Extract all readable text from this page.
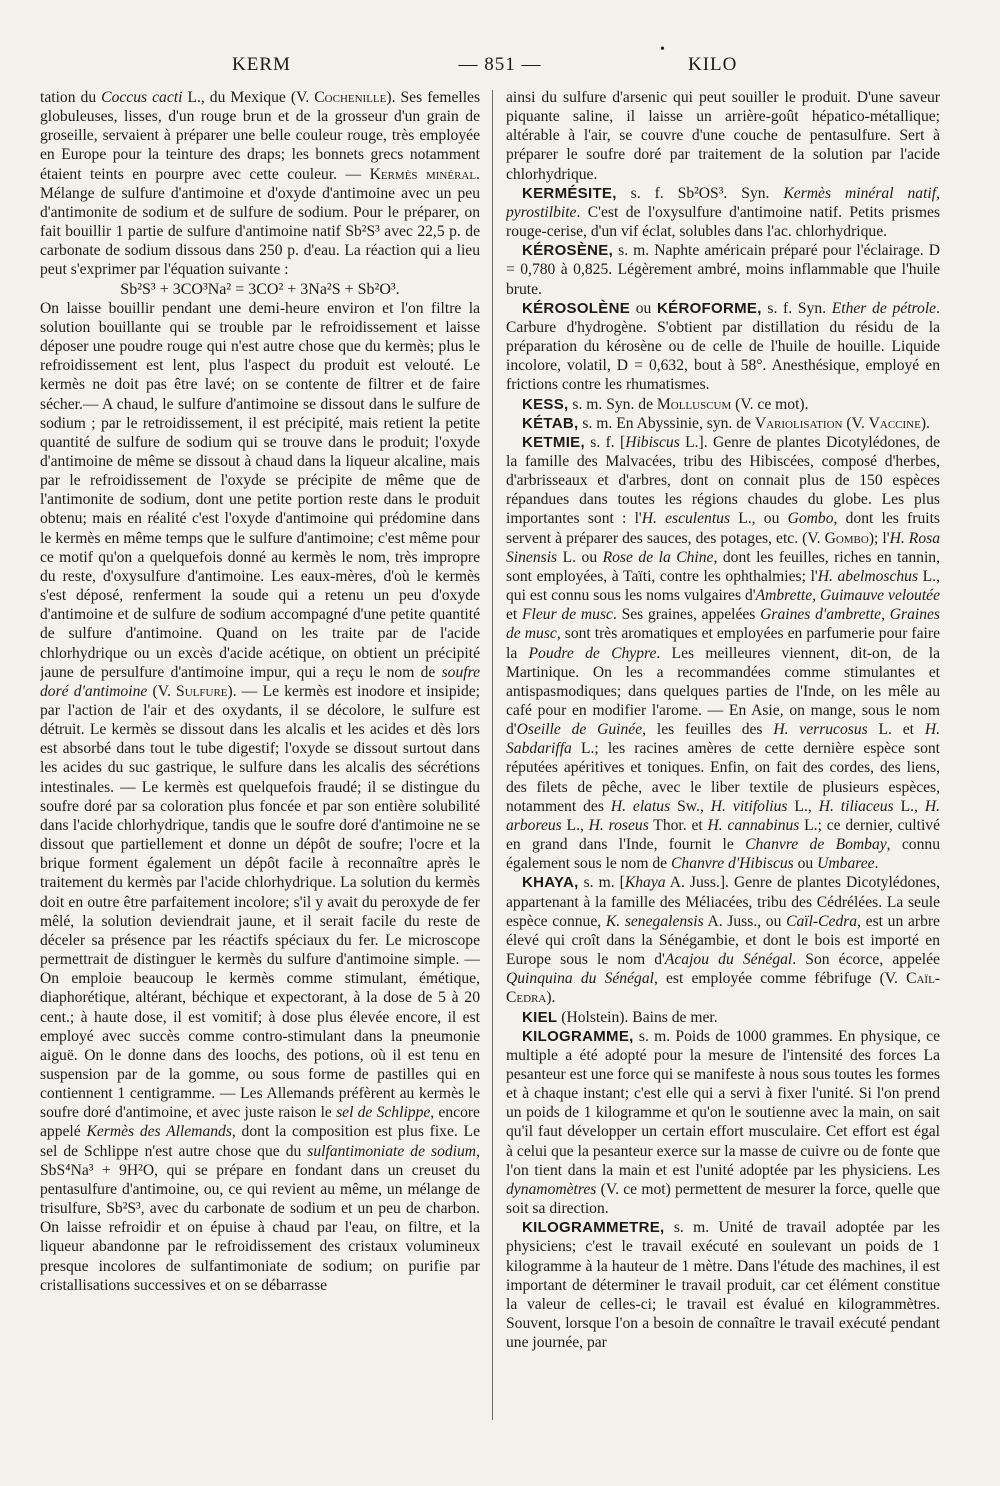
KERM	— 851 —
•
KILO

tation du Coccus cacti L., du Mexique (V. Cochenille). Ses femelles globuleuses, lisses, d'un rouge brun et de la grosseur d'un grain de groseille, servaient à préparer une belle couleur rouge, très employée en Europe pour la teinture des draps; les bonnets grecs notamment étaient teints en pourpre avec cette couleur. — Kermès minéral. Mélange de sulfure d'antimoine et d'oxyde d'antimoine avec un peu d'antimonite de sodium et de sulfure de sodium. Pour le préparer, on fait bouillir 1 partie de sulfure d'antimoine natif Sb²S³ avec 22,5 p. de carbonate de sodium dissous dans 250 p. d'eau. La réaction qui a lieu peut s'exprimer par l'équation suivante :

Sb²S³ + 3CO³Na² = 3CO² + 3Na²S + Sb²O³.

On laisse bouillir pendant une demi-heure environ et l'on filtre la solution bouillante qui se trouble par le refroidissement et laisse déposer une poudre rouge qui n'est autre chose que du kermès; plus le refroidissement est lent, plus l'aspect du produit est velouté. Le kermès ne doit pas être lavé; on se contente de filtrer et de faire sécher.— A chaud, le sulfure d'antimoine se dissout dans le sulfure de sodium ; par le retroidissement, il est précipité, mais retient la petite quantité de sulfure de sodium qui se trouve dans le produit; l'oxyde d'antimoine de même se dissout à chaud dans la liqueur alcaline, mais par le refroidissement de l'oxyde se précipite de même que de l'antimonite de sodium, dont une petite portion reste dans le produit obtenu; mais en réalité c'est l'oxyde d'antimoine qui prédomine dans le kermès en même temps que le sulfure d'antimoine; c'est même pour ce motif qu'on a quelquefois donné au kermès le nom, très impropre du reste, d'oxysulfure d'antimoine. Les eaux-mères, d'où le kermès s'est déposé, renferment la soude qui a retenu un peu d'oxyde d'antimoine et de sulfure de sodium accompagné d'une petite quantité de sulfure d'antimoine. Quand on les traite par de l'acide chlorhydrique ou un excès d'acide acétique, on obtient un précipité jaune de persulfure d'antimoine impur, qui a reçu le nom de soufre doré d'antimoine (V. Sulfure). — Le kermès est inodore et insipide; par l'action de l'air et des oxydants, il se décolore, le sulfure est détruit. Le kermès se dissout dans les alcalis et les acides et dès lors est absorbé dans tout le tube digestif; l'oxyde se dissout surtout dans les acides du suc gastrique, le sulfure dans les alcalis des sécrétions intestinales. — Le kermès est quelquefois fraudé; il se distingue du soufre doré par sa coloration plus foncée et par son entière solubilité dans l'acide chlorhydrique, tandis que le soufre doré d'antimoine ne se dissout que partiellement et donne un dépôt de soufre; l'ocre et la brique forment également un dépôt facile à reconnaître après le traitement du kermès par l'acide chlorhydrique. La solution du kermès doit en outre être parfaitement incolore; s'il y avait du peroxyde de fer mêlé, la solution deviendrait jaune, et il serait facile du reste de déceler sa présence par les réactifs spéciaux du fer. Le microscope permettrait de distinguer le kermès du sulfure d'antimoine simple. — On emploie beaucoup le kermès comme stimulant, émétique, diaphorétique, altérant, béchique et expectorant, à la dose de 5 à 20 cent.; à haute dose, il est vomitif; à dose plus élevée encore, il est employé avec succès comme contro-stimulant dans la pneumonie aiguë. On le donne dans des loochs, des potions, où il est tenu en suspension par de la gomme, ou sous forme de pastilles qui en contiennent 1 centigramme. — Les Allemands préfèrent au kermès le soufre doré d'antimoine, et avec juste raison le sel de Schlippe, encore appelé Kermès des Allemands, dont la composition est plus fixe. Le sel de Schlippe n'est autre chose que du sulfantimoniate de sodium, SbS⁴Na³ + 9H²O, qui se prépare en fondant dans un creuset du pentasulfure d'antimoine, ou, ce qui revient au même, un mélange de trisulfure, Sb²S³, avec du carbonate de sodium et un peu de charbon. On laisse refroidir et on épuise à chaud par l'eau, on filtre, et la liqueur abandonne par le refroidissement des cristaux volumineux presque incolores de sulfantimoniate de sodium; on purifie par cristallisations successives et on se débarrasse

ainsi du sulfure d'arsenic qui peut souiller le produit. D'une saveur piquante saline, il laisse un arrière-goût hépatico-métallique; altérable à l'air, se couvre d'une couche de pentasulfure. Sert à préparer le soufre doré par traitement de la solution par l'acide chlorhydrique.

KERMÉSITE, s. f. Sb²OS³. Syn. Kermès minéral natif, pyrostilbite. C'est de l'oxysulfure d'antimoine natif. Petits prismes rouge-cerise, d'un vif éclat, solubles dans l'ac. chlorhydrique.

KÉROSÈNE, s. m. Naphte américain préparé pour l'éclairage. D = 0,780 à 0,825. Légèrement ambré, moins inflammable que l'huile brute.

KÉROSOLÈNE ou KÉROFORME, s. f. Syn. Ether de pétrole. Carbure d'hydrogène. S'obtient par distillation du résidu de la préparation du kérosène ou de celle de l'huile de houille. Liquide incolore, volatil, D = 0,632, bout à 58°. Anesthésique, employé en frictions contre les rhumatismes.

KESS, s. m. Syn. de Molluscum (V. ce mot).

KÉTAB, s. m. En Abyssinie, syn. de Variolisation (V. Vaccine).

KETMIE, s. f. [Hibiscus L.]. Genre de plantes Dicotylédones, de la famille des Malvacées, tribu des Hibiscées, composé d'herbes, d'arbrisseaux et d'arbres, dont on connait plus de 150 espèces répandues dans toutes les régions chaudes du globe. Les plus importantes sont : l'H. esculentus L., ou Gombo, dont les fruits servent à préparer des sauces, des potages, etc. (V. Gombo); l'H. Rosa Sinensis L. ou Rose de la Chine, dont les feuilles, riches en tannin, sont employées, à Taïti, contre les ophthalmies; l'H. abelmoschus L., qui est connu sous les noms vulgaires d'Ambrette, Guimauve veloutée et Fleur de musc. Ses graines, appelées Graines d'ambrette, Graines de musc, sont très aromatiques et employées en parfumerie pour faire la Poudre de Chypre. Les meilleures viennent, dit-on, de la Martinique. On les a recommandées comme stimulantes et antispasmodiques; dans quelques parties de l'Inde, on les mêle au café pour en modifier l'arome. — En Asie, on mange, sous le nom d'Oseille de Guinée, les feuilles des H. verrucosus L. et H. Sabdariffa L.; les racines amères de cette dernière espèce sont réputées apéritives et toniques. Enfin, on fait des cordes, des liens, des filets de pêche, avec le liber textile de plusieurs espèces, notamment des H. elatus Sw., H. vitifolius L., H. tiliaceus L., H. arboreus L., H. roseus Thor. et H. cannabinus L.; ce dernier, cultivé en grand dans l'Inde, fournit le Chanvre de Bombay, connu également sous le nom de Chanvre d'Hibiscus ou Umbaree.

KHAYA, s. m. [Khaya A. Juss.]. Genre de plantes Dicotylédones, appartenant à la famille des Méliacées, tribu des Cédrélées. La seule espèce connue, K. senegalensis A. Juss., ou Caïl-Cedra, est un arbre élevé qui croît dans la Sénégambie, et dont le bois est importé en Europe sous le nom d'Acajou du Sénégal. Son écorce, appelée Quinquina du Sénégal, est employée comme fébrifuge (V. Caïl-Cedra).

KIEL (Holstein). Bains de mer.

KILOGRAMME, s. m. Poids de 1000 grammes. En physique, ce multiple a été adopté pour la mesure de l'intensité des forces La pesanteur est une force qui se manifeste à nous sous toutes les formes et à chaque instant; c'est elle qui a servi à fixer l'unité. Si l'on prend un poids de 1 kilogramme et qu'on le soutienne avec la main, on sait qu'il faut développer un certain effort musculaire. Cet effort est égal à celui que la pesanteur exerce sur la masse de cuivre ou de fonte que l'on tient dans la main et est l'unité adoptée par les physiciens. Les dynamomètres (V. ce mot) permettent de mesurer la force, quelle que soit sa direction.

KILOGRAMMETRE, s. m. Unité de travail adoptée par les physiciens; c'est le travail exécuté en soulevant un poids de 1 kilogramme à la hauteur de 1 mètre. Dans l'étude des machines, il est important de déterminer le travail produit, car cet élément constitue la valeur de celles-ci; le travail est évalué en kilogrammètres. Souvent, lorsque l'on a besoin de connaître le travail exécuté pendant une journée, par
